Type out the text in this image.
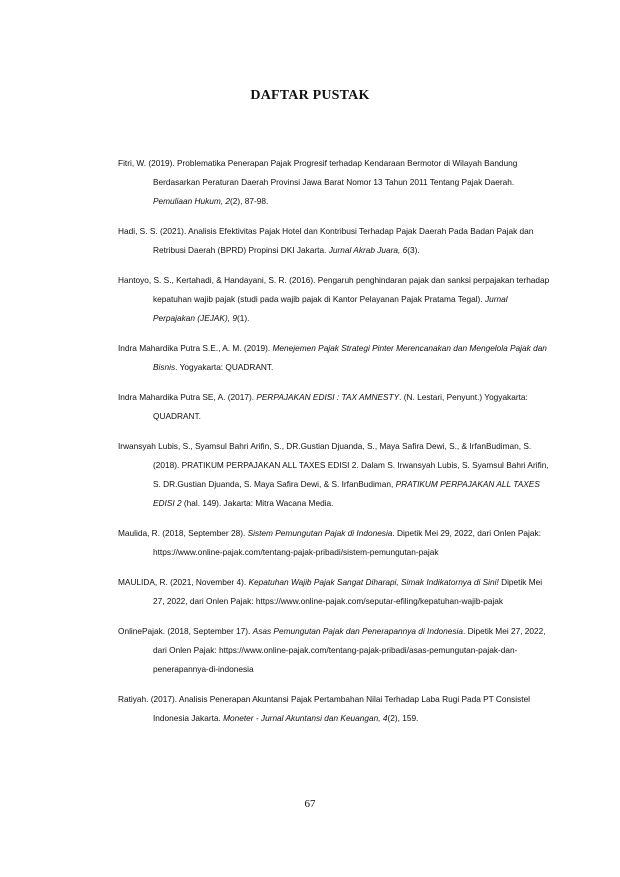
DAFTAR PUSTAK

Fitri, W. (2019). Problematika Penerapan Pajak Progresif terhadap Kendaraan Bermotor di Wilayah Bandung Berdasarkan Peraturan Daerah Provinsi Jawa Barat Nomor 13 Tahun 2011 Tentang Pajak Daerah. Pemuliaan Hukum, 2(2), 87-98.

Hadi, S. S. (2021). Analisis Efektivitas Pajak Hotel dan Kontribusi Terhadap Pajak Daerah Pada Badan Pajak dan Retribusi Daerah (BPRD) Propinsi DKI Jakarta. Jurnal Akrab Juara, 6(3).

Hantoyo, S. S., Kertahadi, & Handayani, S. R. (2016). Pengaruh penghindaran pajak dan sanksi perpajakan terhadap kepatuhan wajib pajak (studi pada wajib pajak di Kantor Pelayanan Pajak Pratama Tegal). Jurnal Perpajakan (JEJAK), 9(1).

Indra Mahardika Putra S.E., A. M. (2019). Menejemen Pajak Strategi Pinter Merencanakan dan Mengelola Pajak dan Bisnis. Yogyakarta: QUADRANT.

Indra Mahardika Putra SE, A. (2017). PERPAJAKAN EDISI : TAX AMNESTY. (N. Lestari, Penyunt.) Yogyakarta: QUADRANT.

Irwansyah Lubis, S., Syamsul Bahri Arifin, S., DR.Gustian Djuanda, S., Maya Safira Dewi, S., & IrfanBudiman, S. (2018). PRATIKUM PERPAJAKAN ALL TAXES EDISI 2. Dalam S. Irwansyah Lubis, S. Syamsul Bahri Arifin, S. DR.Gustian Djuanda, S. Maya Safira Dewi, & S. IrfanBudiman, PRATIKUM PERPAJAKAN ALL TAXES EDISI 2 (hal. 149). Jakarta: Mitra Wacana Media.

Maulida, R. (2018, September 28). Sistem Pemungutan Pajak di Indonesia. Dipetik Mei 29, 2022, dari Onlen Pajak: https://www.online-pajak.com/tentang-pajak-pribadi/sistem-pemungutan-pajak

MAULIDA, R. (2021, November 4). Kepatuhan Wajib Pajak Sangat Diharapi, Simak Indikatornya di Sini! Dipetik Mei 27, 2022, dari Onlen Pajak: https://www.online-pajak.com/seputar-efiling/kepatuhan-wajib-pajak

OnlinePajak. (2018, September 17). Asas Pemungutan Pajak dan Penerapannya di Indonesia. Dipetik Mei 27, 2022, dari Onlen Pajak: https://www.online-pajak.com/tentang-pajak-pribadi/asas-pemungutan-pajak-dan-penerapannya-di-indonesia

Ratiyah. (2017). Analisis Penerapan Akuntansi Pajak Pertambahan Nilai Terhadap Laba Rugi Pada PT Consistel Indonesia Jakarta. Moneter - Jurnal Akuntansi dan Keuangan, 4(2), 159.

67
